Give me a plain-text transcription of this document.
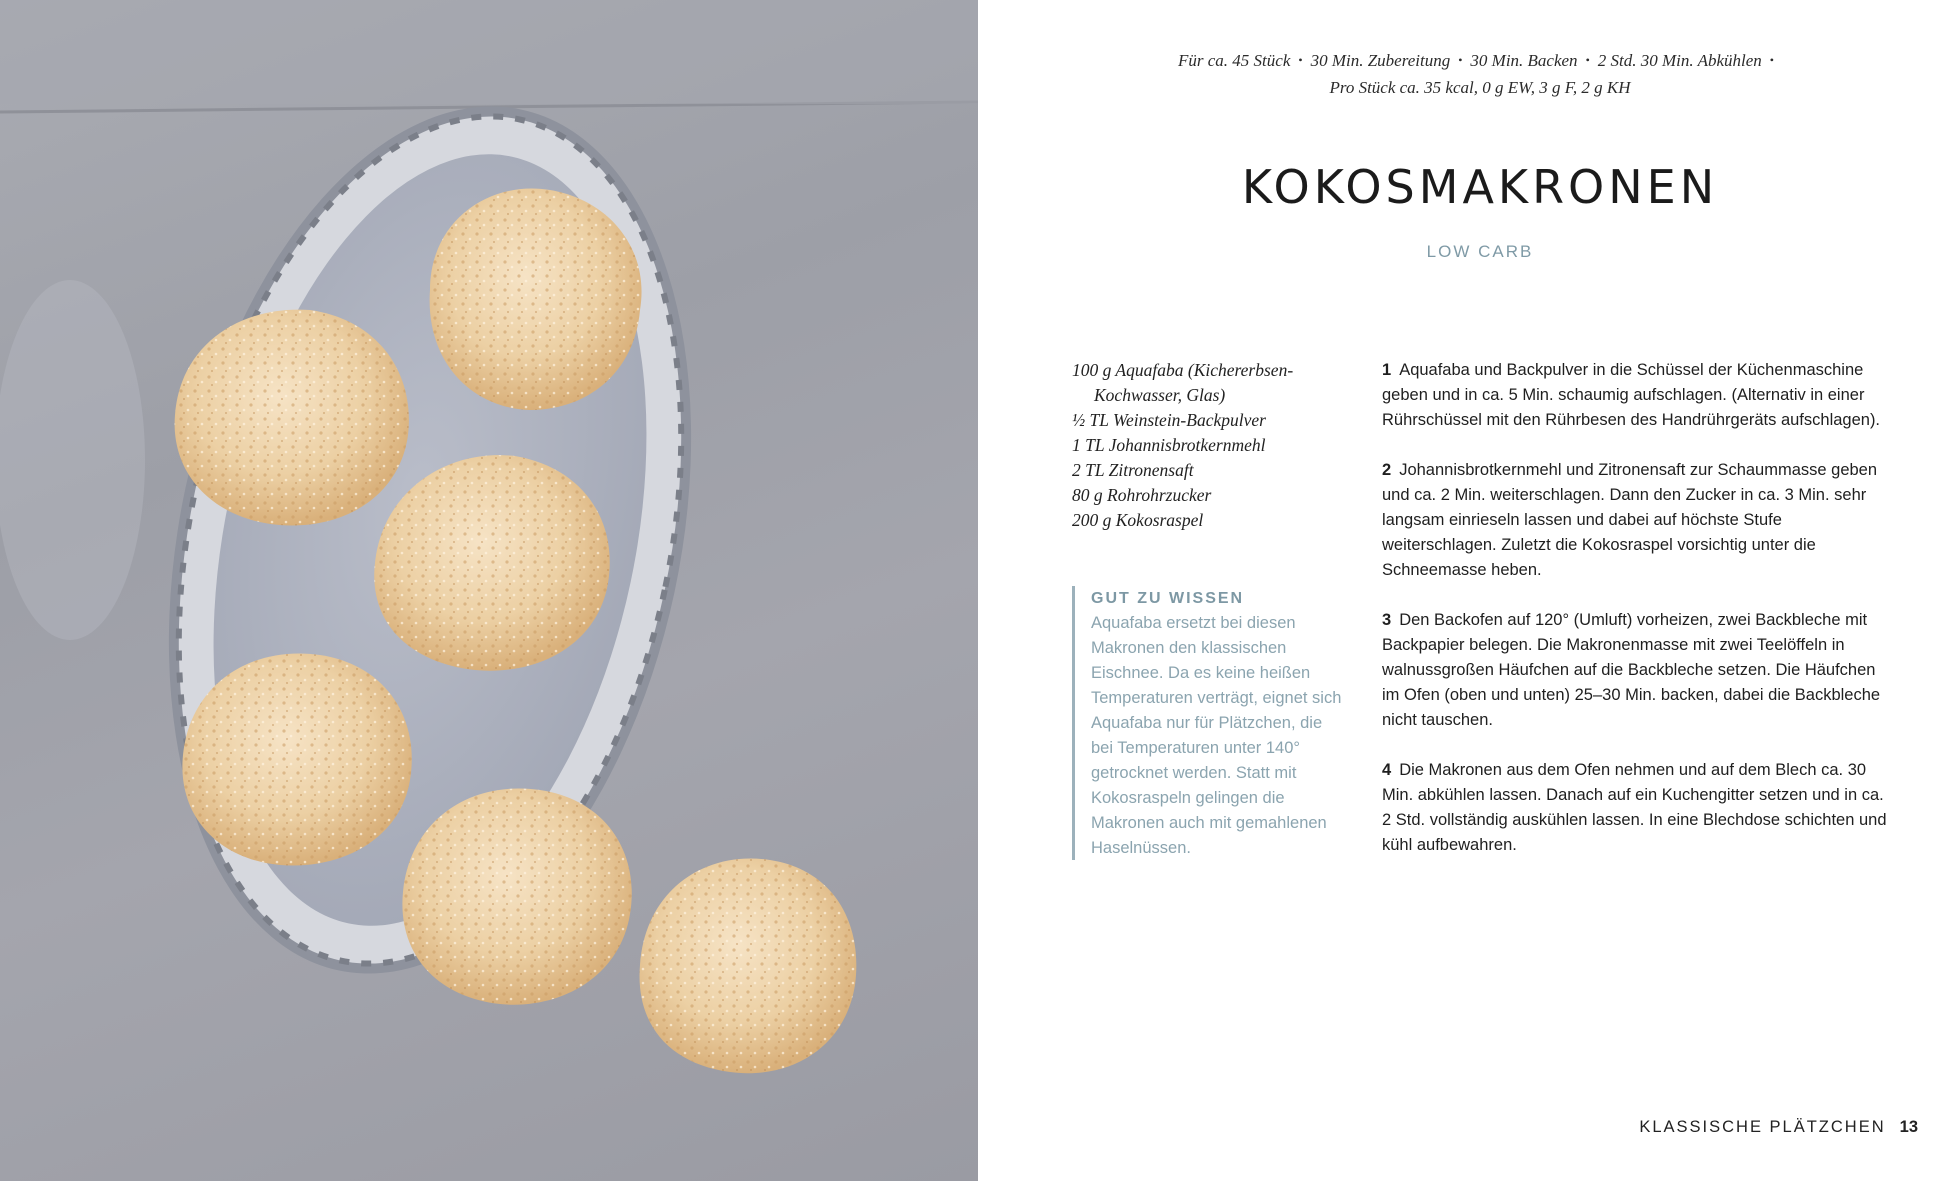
Für ca. 45 Stück • 30 Min. Zubereitung • 30 Min. Backen • 2 Std. 30 Min. Abkühlen •
Pro Stück ca. 35 kcal, 0 g EW, 3 g F, 2 g KH
KOKOSMAKRONEN
LOW CARB
100 g Aquafaba (Kichererbsen-Kochwasser, Glas)
½ TL Weinstein-Backpulver
1 TL Johannisbrotkernmehl
2 TL Zitronensaft
80 g Rohrohrzucker
200 g Kokosraspel
GUT ZU WISSEN
Aquafaba ersetzt bei diesen Makronen den klassischen Eischnee. Da es keine heißen Temperaturen verträgt, eignet sich Aquafaba nur für Plätzchen, die bei Temperaturen unter 140° getrocknet werden. Statt mit Kokosraspeln gelingen die Makronen auch mit gemahlenen Haselnüssen.
1 Aquafaba und Backpulver in die Schüssel der Küchenmaschine geben und in ca. 5 Min. schaumig aufschlagen. (Alternativ in einer Rührschüssel mit den Rührbesen des Handrührgeräts aufschlagen).
2 Johannisbrotkernmehl und Zitronensaft zur Schaummasse geben und ca. 2 Min. weiterschlagen. Dann den Zucker in ca. 3 Min. sehr langsam einrieseln lassen und dabei auf höchste Stufe weiterschlagen. Zuletzt die Kokosraspel vorsichtig unter die Schneemasse heben.
3 Den Backofen auf 120° (Umluft) vorheizen, zwei Backbleche mit Backpapier belegen. Die Makronenmasse mit zwei Teelöffeln in walnussgroßen Häufchen auf die Backbleche setzen. Die Häufchen im Ofen (oben und unten) 25–30 Min. backen, dabei die Backbleche nicht tauschen.
4 Die Makronen aus dem Ofen nehmen und auf dem Blech ca. 30 Min. abkühlen lassen. Danach auf ein Kuchengitter setzen und in ca. 2 Std. vollständig auskühlen lassen. In eine Blechdose schichten und kühl aufbewahren.
KLASSISCHE PLÄTZCHEN 13
